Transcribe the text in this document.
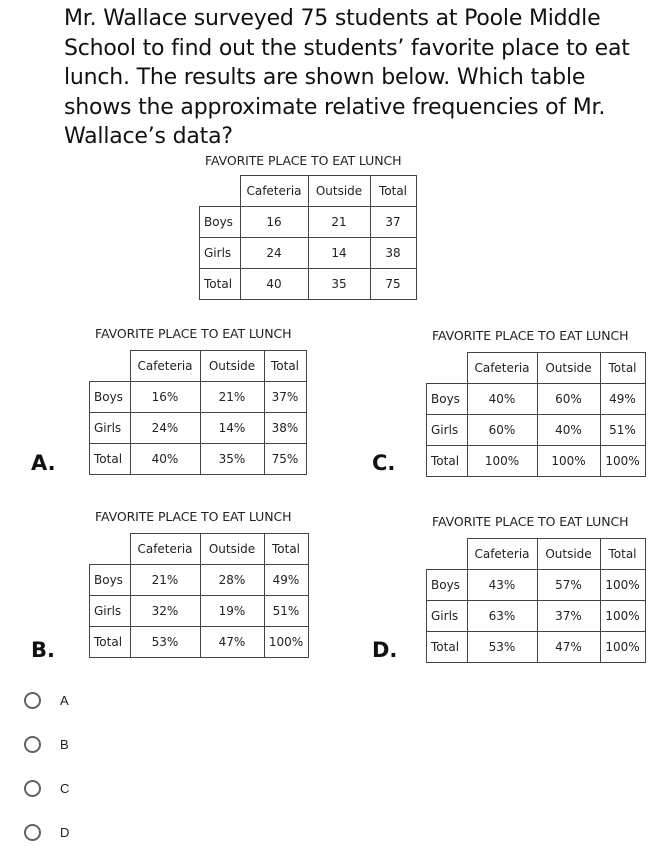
Mr. Wallace surveyed 75 students at Poole Middle School to find out the students’ favorite place to eat lunch. The results are shown below. Which table shows the approximate relative frequencies of Mr. Wallace’s data?
FAVORITE PLACE TO EAT LUNCH
	Cafeteria	Outside	Total
Boys	16	21	37
Girls	24	14	38
Total	40	35	75
FAVORITE PLACE TO EAT LUNCH
	Cafeteria	Outside	Total
Boys	16%	21%	37%
Girls	24%	14%	38%
Total	40%	35%	75%
A.
FAVORITE PLACE TO EAT LUNCH
	Cafeteria	Outside	Total
Boys	40%	60%	49%
Girls	60%	40%	51%
Total	100%	100%	100%
C.
FAVORITE PLACE TO EAT LUNCH
	Cafeteria	Outside	Total
Boys	21%	28%	49%
Girls	32%	19%	51%
Total	53%	47%	100%
B.
FAVORITE PLACE TO EAT LUNCH
	Cafeteria	Outside	Total
Boys	43%	57%	100%
Girls	63%	37%	100%
Total	53%	47%	100%
D.
A
B
C
D
